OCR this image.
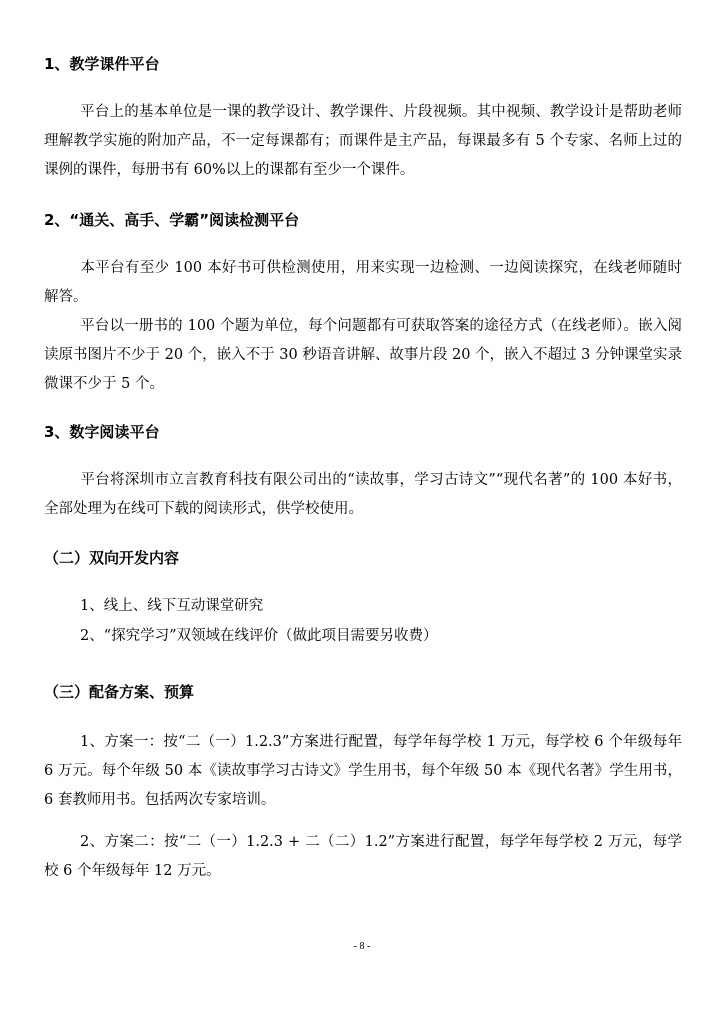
1、教学课件平台
平台上的基本单位是一课的教学设计、教学课件、片段视频。其中视频、教学设计是帮助老师理解教学实施的附加产品，不一定每课都有；而课件是主产品，每课最多有 5 个专家、名师上过的课例的课件，每册书有 60%以上的课都有至少一个课件。
2、“通关、高手、学霸”阅读检测平台
本平台有至少 100 本好书可供检测使用，用来实现一边检测、一边阅读探究，在线老师随时解答。
平台以一册书的 100 个题为单位，每个问题都有可获取答案的途径方式（在线老师）。嵌入阅读原书图片不少于 20 个，嵌入不于 30 秒语音讲解、故事片段 20 个，嵌入不超过 3 分钟课堂实录微课不少于 5 个。
3、数字阅读平台
平台将深圳市立言教育科技有限公司出的“读故事，学习古诗文”“现代名著”的 100 本好书，全部处理为在线可下载的阅读形式，供学校使用。
（二）双向开发内容
1、线上、线下互动课堂研究
2、“探究学习”双领域在线评价（做此项目需要另收费）
（三）配备方案、预算
1、方案一：按“二（一）1.2.3”方案进行配置，每学年每学校 1 万元，每学校 6 个年级每年 6 万元。每个年级 50 本《读故事学习古诗文》学生用书，每个年级 50 本《现代名著》学生用书，6 套教师用书。包括两次专家培训。
2、方案二：按“二（一）1.2.3 + 二（二）1.2”方案进行配置，每学年每学校 2 万元，每学校 6 个年级每年 12 万元。
- 8 -
